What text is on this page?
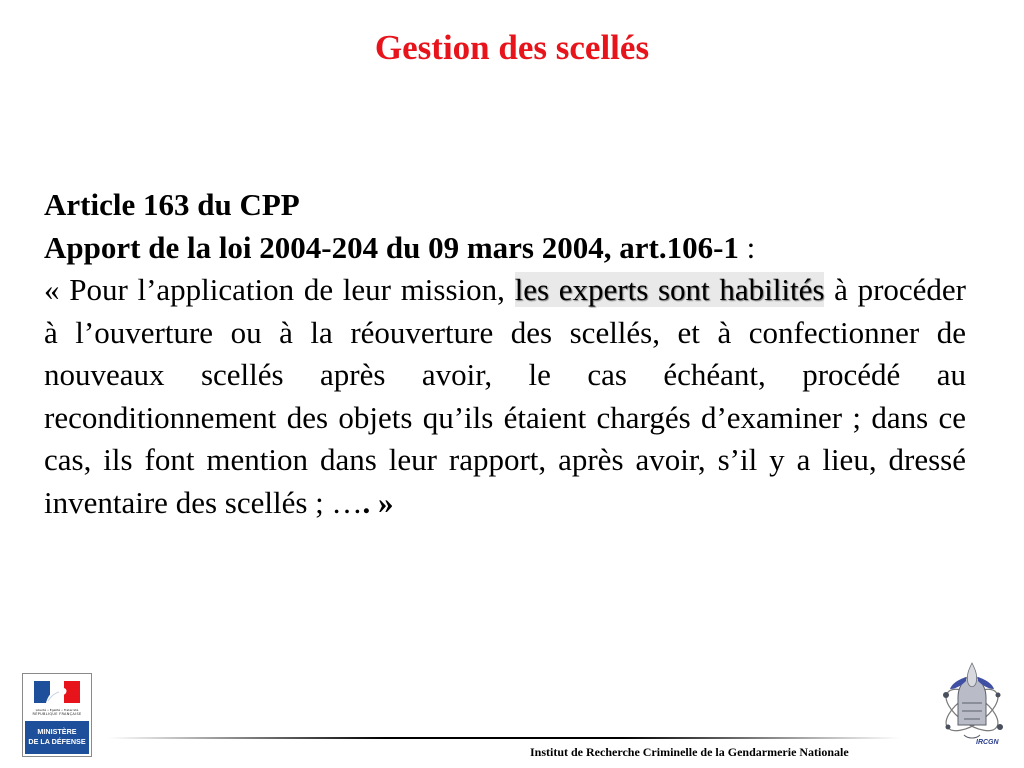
Gestion des scellés
Article 163 du CPP
Apport de la loi 2004-204 du 09 mars 2004, art.106-1 :
« Pour l’application de leur mission, les experts sont habilités à procéder à l’ouverture ou à la réouverture des scellés, et à confectionner de nouveaux scellés après avoir, le cas échéant, procédé au reconditionnement des objets qu’ils étaient chargés d’examiner ; dans ce cas, ils font mention dans leur rapport, après avoir, s’il y a lieu, dressé inventaire des scellés ; …. »
Liberté • Égalité • Fraternité
RÉPUBLIQUE FRANÇAISE
MINISTÈRE
DE LA DÉFENSE
Institut de Recherche Criminelle de la Gendarmerie Nationale
IRCGN
